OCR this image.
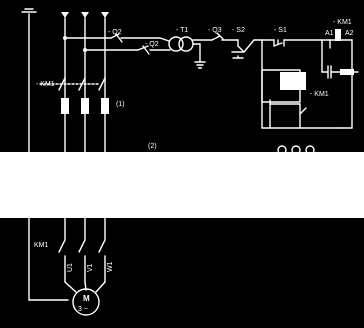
- Q2
- Q2
- T1	- Q3 - S2	- S1
- KM1
A1 A2
- KM1
- KM1
(1)
(2)
KM1
U1 V1 W1
M
3 ~
